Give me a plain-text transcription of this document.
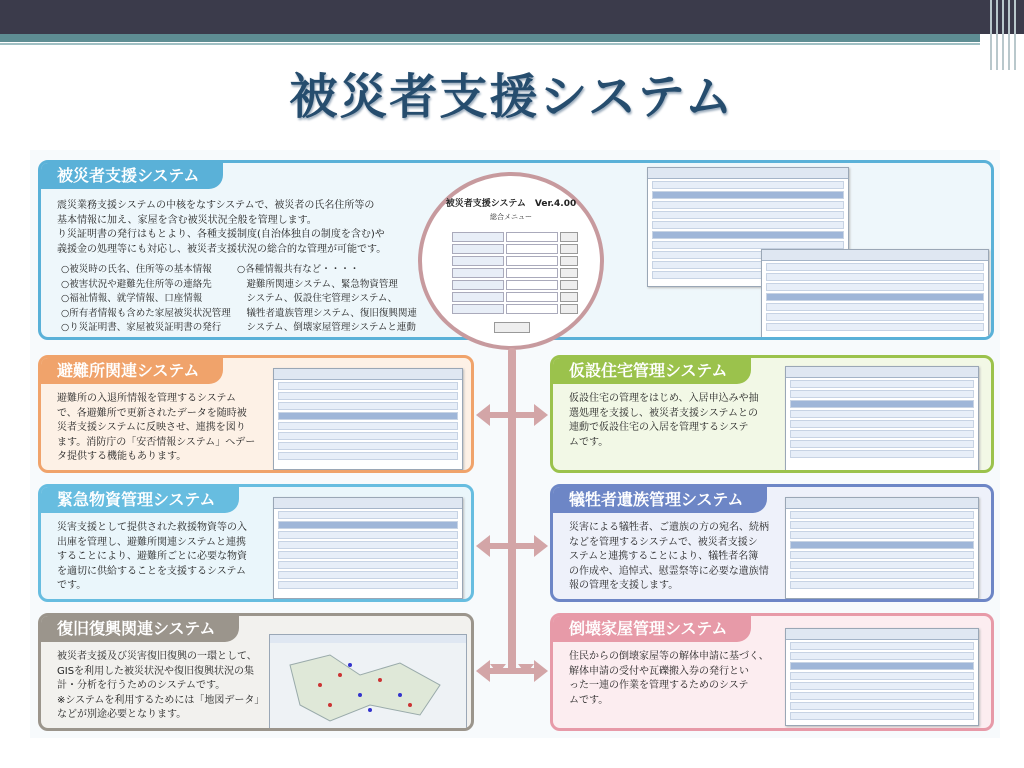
被災者支援システム
被災者支援システム
震災業務支援システムの中核をなすシステムで、被災者の氏名住所等の
基本情報に加え、家屋を含む被災状況全般を管理します。
り災証明書の発行はもとより、各種支援制度(自治体独自の制度を含む)や
義援金の処理等にも対応し、被災者支援状況の総合的な管理が可能です。
○被災時の氏名、住所等の基本情報
○被害状況や避難先住所等の連絡先
○福祉情報、就学情報、口座情報
○所有者情報も含めた家屋被災状況管理
○り災証明書、家屋被災証明書の発行
○各種情報共有など・・・・
　避難所関連システム、緊急物資管理
　システム、仮設住宅管理システム、
　犠牲者遺族管理システム、復旧復興関連
　システム、倒壊家屋管理システムと連動
被災者支援システム　Ver.4.00
総合メニュー
避難所関連システム
避難所の入退所情報を管理するシステム
で、各避難所で更新されたデータを随時被
災者支援システムに反映させ、連携を図り
ます。消防庁の「安否情報システム」へデー
タ提供する機能もあります。
仮設住宅管理システム
仮設住宅の管理をはじめ、入居申込みや抽
選処理を支援し、被災者支援システムとの
連動で仮設住宅の入居を管理するシステ
ムです。
緊急物資管理システム
災害支援として提供された救援物資等の入
出庫を管理し、避難所関連システムと連携
することにより、避難所ごとに必要な物資
を適切に供給することを支援するシステム
です。
犠牲者遺族管理システム
災害による犠牲者、ご遺族の方の宛名、続柄
などを管理するシステムで、被災者支援シ
ステムと連携することにより、犠牲者名簿
の作成や、追悼式、慰霊祭等に必要な遺族情
報の管理を支援します。
復旧復興関連システム
被災者支援及び災害復旧復興の一環として、
GISを利用した被災状況や復旧復興状況の集
計・分析を行うためのシステムです。
※システムを利用するためには「地図データ」
などが別途必要となります。
倒壊家屋管理システム
住民からの倒壊家屋等の解体申請に基づく、
解体申請の受付や瓦礫搬入券の発行とい
った一連の作業を管理するためのシステ
ムです。
